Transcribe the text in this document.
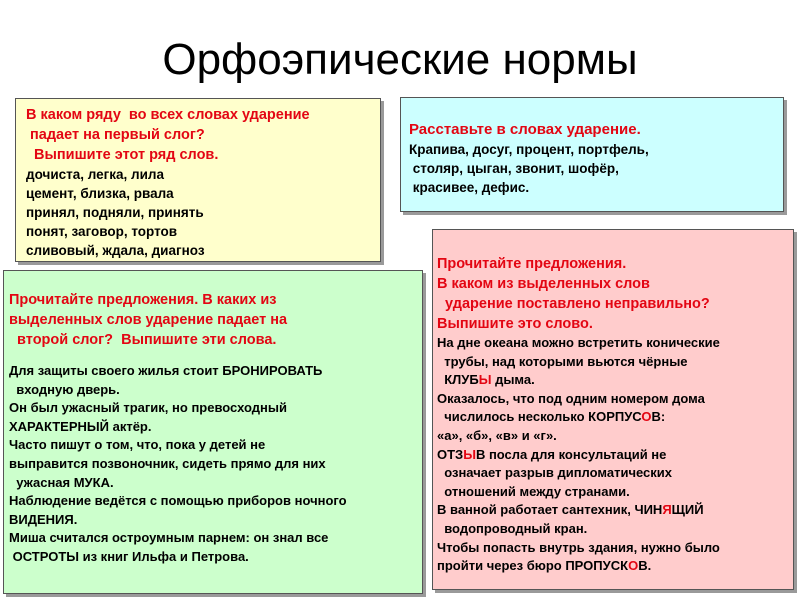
Орфоэпические нормы
В каком ряду  во всех словах ударение
падает на первый слог?
Выпишите этот ряд слов.
дочиста, легка, лила
цемент, близка, рвала
принял, подняли, принять
понят, заговор, тортов
сливовый, ждала, диагноз
Расставьте в словах ударение.
Крапива, досуг, процент, портфель,
столяр, цыган, звонит, шофёр,
красивее, дефис.
Прочитайте предложения. В каких из
выделенных слов ударение падает на
второй слог?  Выпишите эти слова.
Для защиты своего жилья стоит БРОНИРОВАТЬ
входную дверь.
Он был ужасный трагик, но превосходный
ХАРАКТЕРНЫЙ актёр.
Часто пишут о том, что, пока у детей не
выправится позвоночник, сидеть прямо для них
ужасная МУКА.
Наблюдение ведётся с помощью приборов ночного
ВИДЕНИЯ.
Миша считался остроумным парнем: он знал все
ОСТРОТЫ из книг Ильфа и Петрова.
Прочитайте предложения.
В каком из выделенных слов
ударение поставлено неправильно?
Выпишите это слово.
На дне океана можно встретить конические
трубы, над которыми вьются чёрные
КЛУБЫ дыма.
Оказалось, что под одним номером дома
числилось несколько КОРПУСОВ:
«а», «б», «в» и «г».
ОТЗЫВ посла для консультаций не
означает разрыв дипломатических
отношений между странами.
В ванной работает сантехник, ЧИНЯЩИЙ
водопроводный кран.
Чтобы попасть внутрь здания, нужно было
пройти через бюро ПРОПУСКОВ.
